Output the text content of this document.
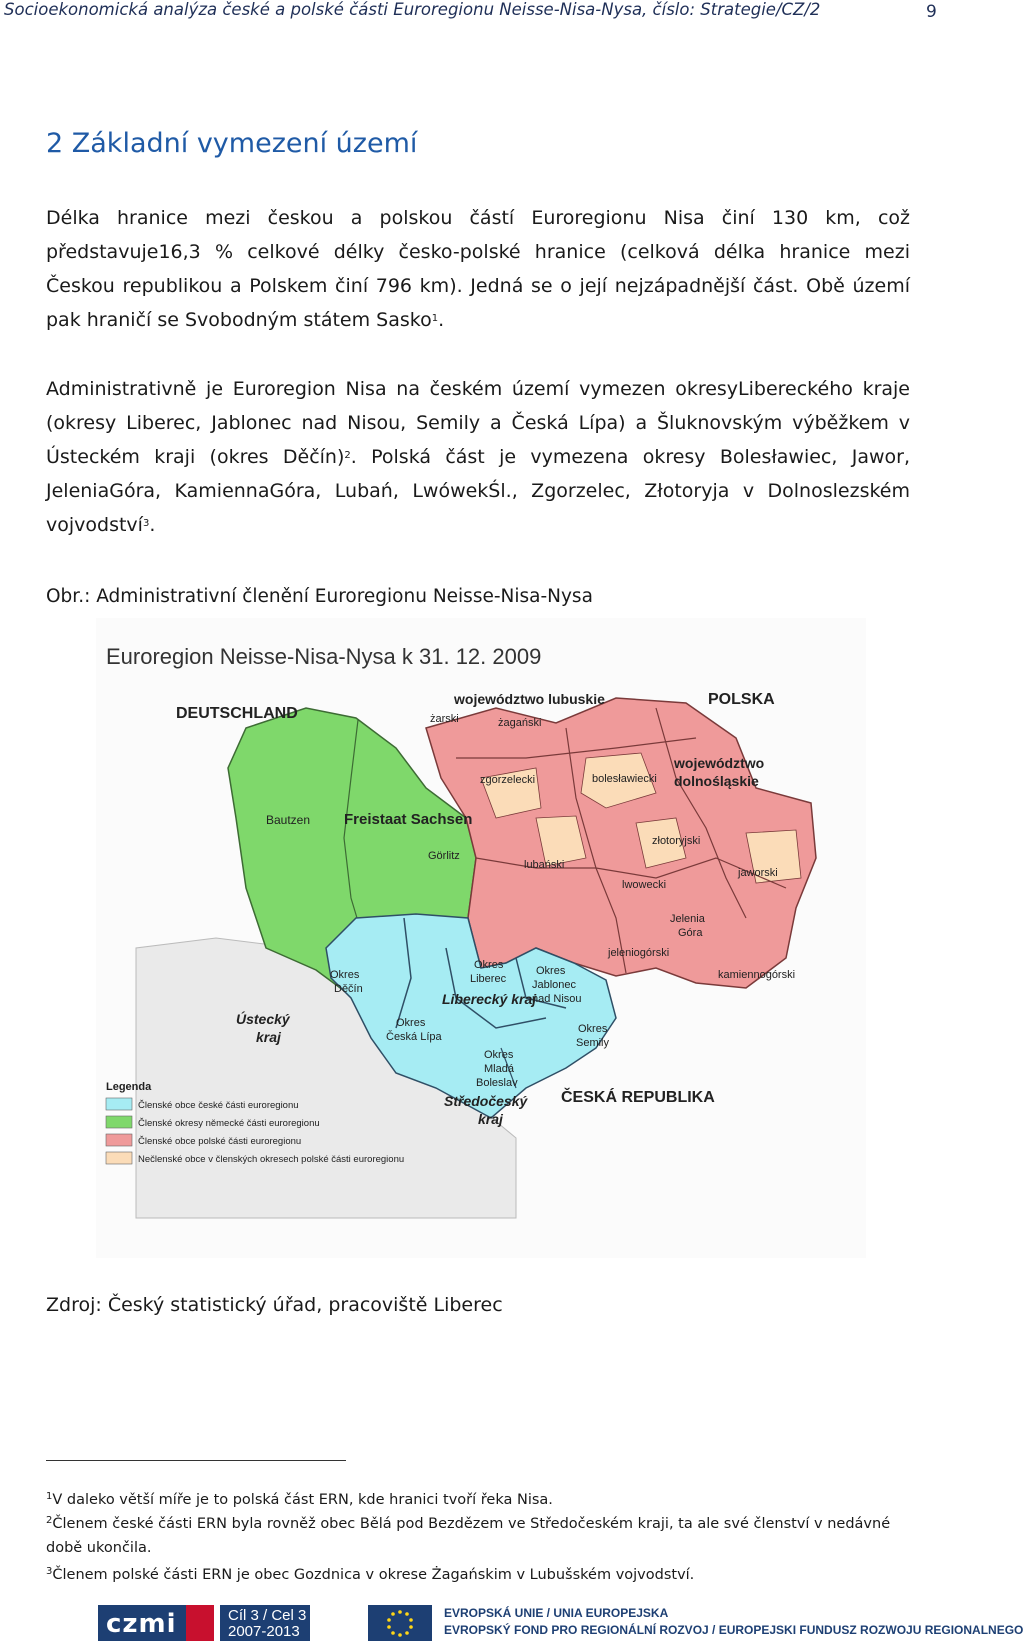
Socioekonomická analýza české a polské části Euroregionu Neisse-Nisa-Nysa, číslo: Strategie/CZ/2	9
2 Základní vymezení území

Délka hranice mezi českou a polskou částí Euroregionu Nisa činí 130 km, což představuje16,3 % celkové délky česko-polské hranice (celková délka hranice mezi Českou republikou a Polskem činí 796 km). Jedná se o její nejzápadnější část. Obě území pak hraničí se Svobodným státem Sasko$^1$.

Administrativně je Euroregion Nisa na českém území vymezen okresyLibereckého kraje (okresy Liberec, Jablonec nad Nisou, Semily a Česká Lípa) a Šluknovským výběžkem v Ústeckém kraji (okres Děčín)$^2$. Polská část je vymezena okresy Bolesławiec, Jawor, JeleniaGóra, KamiennaGóra, Lubań, LwówekŚl., Zgorzelec, Złotoryja v Dolnoslezském vojvodství$^3$.

Obr.: Administrativní členění Euroregionu Neisse-Nisa-Nysa
Euroregion Neisse-Nisa-Nysa k 31. 12. 2009
DEUTSCHLAND
POLSKA
ČESKÁ REPUBLIKA
województwo lubuskie
województwo
dolnośląskie
żarski	żagański
zgorzelecki	bolesławiecki
złotoryjski
jaworski
lubański
lwowecki
Jelenia
Góra
jeleniogórski
kamiennogórski
Bautzen Freistaat Sachsen
Görlitz
Okres
Děčín
Okres
Liberec
Okres
Jablonec
nad Nisou
Liberecký kraj
Ústecký
kraj
Okres
Česká Lípa
Okres
Semily
Okres
Mladá
Boleslav
Středočeský
kraj
Legenda
Členské obce české části euroregionu
Členské okresy německé části euroregionu
Členské obce polské části euroregionu
Nečlenské obce v členských okresech polské části euroregionu
Zdroj: Český statistický úřad, pracoviště Liberec

$^1$V daleko větší míře je to polská část ERN, kde hranici tvoří řeka Nisa.

$^2$Členem české části ERN byla rovněž obec Bělá pod Bezdězem ve Středočeském kraji, ta ale své členství v nedávné době ukončila.

$^3$Členem polské části ERN je obec Gozdnica v okrese Żagańskim v Lubušském vojvodství.

czmi	Cíl 3 / Cel 3
2007-2013
EVROPSKÁ UNIE / UNIA EUROPEJSKA
EVROPSKÝ FOND PRO REGIONÁLNÍ ROZVOJ / EUROPEJSKI FUNDUSZ ROZWOJU REGIONALNEGO
